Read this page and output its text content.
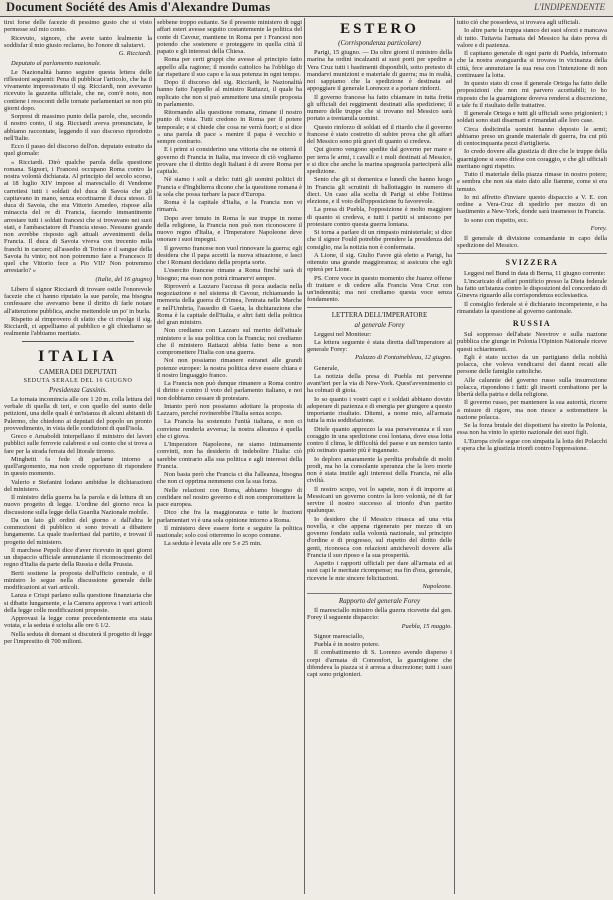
Document Société des Amis d'Alexandre Dumas	L'INDIPENDENTE

tirsi forse delle facezie di pessimo gusto che si visto permesse sul mio conto.

Ricevuto, signore, che avete tanto lealmente la soddisfar il mio giusto reclamo, ho l'onore di salutarvi.

G. Ricciardi.

Deputato al parlamento nazionale.

Le Nazionalità hanno seguire questa lettera delle riflessioni seguenti: Pena di pubblicar l'articolo, che ha il vivamente impressionato il sig. Ricciardi, non avevamo ricevuto la gazzetta ufficiale, che ne, com'è noto, non contiene i resoconti delle tornate parlamentari se non più giorni dopo.

Sorpresi di massimo punto della parole, che, secondo il nostro conto, il sig. Ricciardi aveva pronunciate, le abbiamo raccontate, leggendo il suo discorso riprodotto nell'Italie.

Ecco il passo del discorso dell'on. deputato estratto da quel giornale:

« Ricciardi. Dirò qualche parola della questione romana. Signori, i Francesi occupano Roma contro la nostra volontà dichiarata. Al principio del secolo scorso, ai 18 luglio XIV impose al maresciallo di Vendome carrettesi tutti i soldati del duca di Savoia che gli capitavano in mano, senza eccettuarne il duca stesso. Il duca di Savoia, che era Vittorio Amedeo, rispose alla minaccia del re di Francia, facendo immantinente arrestare tutti i soldati francesi che si trovavano nei suoi stati, e l'ambasciatore di Francia stesso. Nessuno grande non avrebbe risposto agli attuali avvenimenti della Francia. Il duca di Savoia viveva con trecento mila franchi in carcere; all'assedio di Torino e il sangue della Savoia fu vinto; noi non potremmo fare a Francesco II quel che Vittorio fece a Pio VII? Non potremmo arrestarlo? »

(Italie, del 16 giugno)

Libero il signor Ricciardi di trovare ostile l'onorevole facezie che ci hanno riputato la sue parole, ma bisogna confessare che avevamo bene il diritto di farle notare all'attenzione pubblica, anche mettendole un po' in burla.

Rispetto al rimprovero di sfatto che ci rivolge il sig. Ricciardi, ci appelliamo al pubblico e gli chiediamo se realmente l'abbiamo meritato.

ITALIA
CAMERA DEI DEPUTATI
SEDUTA SERALE DEL 16 GIUGNO
Presidenza Cassinis.

La tornata incomincia alle ore 1 20 m. colla lettura del verbale di quella di ieri, e con quello del sunto delle petizioni, una delle quali è un'istanza di alcuni abitanti di Palermo, che chiedono ai deputati del popolo un pronto provvedimento, in vista delle condizioni di quell'isola.

Greco e Arnaboldi interpellano il ministro dei lavori pubblici sulle ferrovie calabresi e sul conto che si trova a fare per la strada ferrata del litorale tirreno.

Minghetti fa fede di parlarne intorno a quell'argomento, ma non crede opportuno di rispondere in questo momento.

Valerio e Stefanini lodano ambidue le dichiarazioni del ministero.

Il ministro della guerra ha la parola e dà lettura di un nuovo progetto di legge. L'ordine del giorno reca la discussione sulla legge della Guardia Nazionale mobile.

Da un lato gli ordini del giorno e dall'altra le commozioni di pubblico si sono trovati a dibattere lungamente. La quale trasferitasi dal partito, e trovasi il progetto del ministero.

Il marchese Pepoli dice d'aver ricevuto in quei giorni un dispaccio ufficiale annunziante il riconoscimento del regno d'Italia da parte della Russia e della Prussia.

Berti sostiene la proposta dell'ufficio centrale, e il ministro lo segue nella discussione generale delle modificazioni ai vari articoli.

Lanza e Crispi parlano sulla questione finanziaria che si dibatte lungamente, e la Camera approva i vari articoli della legge colle modificazioni proposte.

Approvasi la legge come precedentemente era stata votata, e la seduta è sciolta alle ore 6 1/2.

Nella seduta di domani si discuterà il progetto di legge per l'imprestito di 700 milioni.

sebbene troppo esitante. Se il presente ministero di oggi affari esteri avesse seguito costantemente la politica del conte di Cavour, mantiene in Roma per i Francesi non potendo che sostenere e proteggere in quella città il papato e gli interessi della Chiesa.

Roma per certi gruppi che avesse al principio fatto appello alla ragione; il mondo cattolico ha l'obbligo di far rispettare il suo capo e la sua potenza in ogni tempo.

Dopo il discorso del sig. Ricciardi, le Nazionalità hanno fatto l'appello al ministro Rattazzi, il quale ha replicato che non si può ammettere una simile proposta in parlamento.

Ritornando alla questione romana, rimane il nostro punto di vista. Tutti credono in Roma per il potere temporale; e si chiede che cosa ne verrà fuori; e si dice « una parola di pace » mentre il papa è vecchio e sempre contrario.

E i primi si considerino una vittoria che ne otterrà il governo di Francia in Italia, ma invece di ciò vogliamo provare che il diritto degli Italiani è di avere Roma per capitale.

Nè siamo i soli a dirlo: tutti gli uomini politici di Francia e d'Inghilterra dicono che la questione romana è la sola che possa turbare la pace d'Europa.

Roma è la capitale d'Italia, e la Francia non vi rimarrà.

Dopo aver tenuto in Roma le sue truppe in nome della religione, la Francia non può non riconoscere il nuovo regno d'Italia, e l'Imperatore Napoleone deve onorare i suoi impegni.

Il governo francese non vuol rinnovare la guerra; egli desidera che il papa accetti la nuova situazione, e lasci che i Romani decidano della propria sorte.

L'esercito francese rimane a Roma finché sarà di bisogno; ma esso non potrà rimanervi sempre.

Riproverò a Lazzaro l'accusa di poca audacia nella negoziazione e nel sistema di Cavour, richiamando la memoria della guerra di Crimea, l'entrata nelle Marche e nell'Umbria, l'assedio di Gaeta, la dichiarazione che Roma è la capitale dell'Italia, e altri fatti della politica del gran ministro.

Non crediamo con Lazzaro sul merito dell'attuale ministero e la sua politica con la Francia; noi crediamo che il ministero Rattazzi abbia fatto bene a non compromettere l'Italia con una guerra.

Noi non possiamo rimanere estranei alle grandi potenze europee: la nostra politica deve essere chiara e il nostro linguaggio franco.

La Francia non può dunque rimanere a Roma contro il diritto e contro il voto del parlamento italiano, e noi non dobbiamo cessare di protestare.

Intanto però non possiamo adottare la proposta di Lazzaro, perché rovinerebbe l'Italia senza scopo.

La Francia ha sostenuto l'unità italiana, e non ci conviene renderla avversa; la nostra alleanza è quella che ci giova.

L'Imperatore Napoleone, ne siamo intimamente convinti, non ha desiderio di indebolire l'Italia: ciò sarebbe contrario alla sua politica e agli interessi della Francia.

Non basta però che Francia ci dia l'alleanza, bisogna che non ci opprima nemmeno con la sua forza.

Nelle relazioni con Roma, abbiamo bisogno di confidare nel nostro governo e di non compromettere la pace europea.

Dico che fra la maggioranza e tutte le frazioni parlamentari vi è una sola opinione intorno a Roma.

Il ministero deve essere forte e seguire la politica nazionale; solo così otterremo lo scopo comune.

La seduta è levata alle ore 5 e 25 min.

ESTERO
(Corrispondenza particolare)

Parigi, 15 giugno. — Da oltre giorni il ministro della marina ha ordini incalzanti ai suoi porti per spedire a Vera Cruz tutti i bastimenti disponibili, sotto pretesto di mandarvi munizioni e materiale di guerra; ma in realtà, noi sappiamo che la spedizione è destinata ad appoggiare il generale Lorencez e a portare rinforzi.

Il governo francese ha fatto chiamare in tutta fretta gli ufficiali dei reggimenti destinati alla spedizione; il numero delle truppe che si trovano nel Messico sarà portato a trentamila uomini.

Questo rinforzo di soldati ed il ritardo che il governo francese è stato costretto di subire prova che gli affari del Messico sono più gravi di quanto si credeva.

Qui giorno vengono spedite dal governo per mare e per terra le armi, i cavalli e i muli destinati al Messico, e si dice che anche la marina spagnuola parteciperà alla spedizione.

Sento che gli si domenica e lunedì che hanno luogo in Francia gli scrutinii di ballottaggio in numero di dieci. Un caso alla scelta di Parigi si ebbe l'ottima elezione, e il voto dell'opposizione fu favorevole.

La presa di Puebla, l'opposizione è molto maggiore di quanto si credeva, e tutti i partiti si uniscono per protestare contro questa guerra lontana.

Si torna a parlare di un rimpasto ministeriale; si dice che il signor Fould potrebbe prendere la presidenza del consiglio, ma la notizia non è confermata.

A Lione, il sig. Giulio Favre già eletto a Parigi, ha ottenuto una grande maggioranza; si assicura che egli opterà per Lione.

PS. Corre voce in questo momento che Juarez offerse di trattare e di cedere alla Francia Vera Cruz con un'indennità; ma noi crediamo questa voce senza fondamento.

LETTERA DELL'IMPERATORE
al generale Forey

Leggesi nel Moniteur:

La lettera seguente è stata diretta dall'imperatore al generale Forey:

Palazzo di Fontainebleau, 12 giugno.

Generale,

La notizia della presa di Puebla mi pervenne avant'ieri per la via di New-York. Quest'avvenimento ci ha colmati di gioia.

Io so quanto i vostri capi e i soldati abbiano dovuto adoperare di pazienza e di energia per giungere a questo importante risultato. Ditemi, a nome mio, all'armata tutta la mia soddisfazione.

Ditele quanto apprezzo la sua perseveranza e il suo coraggio in una spedizione così lontana, dove essa lotta contro il clima, le difficoltà del paese e un nemico tanto più ostinato quanto più è ingannato.

Io deploro amaramente la perdita probabile di molti prodi, ma ho la consolante speranza che la loro morte non è stata inutile agli interessi della Francia, né alla civiltà.

Il nostro scopo, voi lo sapete, non è di imporre ai Messicani un governo contro la loro volontà, né di far servire il nostro successo al trionfo d'un partito qualunque.

Io desidero che il Messico rinasca ad una vita novella, e che appena rigenerato per mezzo di un governo fondato sulla volontà nazionale, sul principio d'ordine e di progresso, sul rispetto del diritto delle genti, riconosca con relazioni amichevoli dovere alla Francia il suo riposo e la sua prosperità.

Aspetto i rapporti ufficiali per dare all'armata ed ai suoi capi le meritate ricompense; ma fin d'ora, generale, ricevete le mie sincere felicitazioni.

Napoleone.
Rapporto del generale Forey

Il maresciallo ministro della guerra ricevette dal gen. Forey il seguente dispaccio:

Puebla, 15 maggio.

Signor maresciallo,

Puebla è in nostro potere.

Il combattimento di S. Lorenzo avendo disperso i corpi d'armata di Comonfort, la guarnigione che difendeva la piazza si è arresa a discrezione; tutti i suoi capi sono prigionieri.

tutto ciò che possedeva, si trovava agli ufficiali.

Io altre parte la truppa stanco dei suoi sforzi e mancava di tutto. Tuttavia l'armata del Messico ha dato prova di valore e di pazienza.

Il capitano generale di ogni parte di Puebla, informato che la nostra avanguardia si trovava in vicinanza della città, fece annunziare la sua resa con l'intenzione di non continuare la lotta.

In questo stato di cose il generale Ortega ha fatto delle proposizioni che non mi parvero accettabili; io ho risposto che la guarnigione doveva rendersi a discrezione, e tale fu il risultato delle trattative.

Il generale Ortega e tutti gli ufficiali sono prigionieri; i soldati sono stati disarmati e rimandati alle loro case.

Circa dodicimila uomini hanno deposto le armi; abbiamo preso un grande materiale di guerra, fra cui più di centocinquanta pezzi d'artiglieria.

Io credo dovere alla giustizia di dire che le truppe della guarnigione si sono difese con coraggio, e che gli ufficiali meritano ogni rispetto.

Tutto il materiale della piazza rimase in nostro potere; e sembra che non sia stato dato alle fiamme, come si era temuto.

Io mi affretto d'inviare questo dispaccio a V. E. con ordine a Vera-Cruz di spedirlo per mezzo di un bastimento a New-York, donde sarà trasmesso in Francia.

Io sono con rispetto, ecc.

Forey.

Il generale di divisione comandante in capo della spedizione del Messico.

SVIZZERA

Leggesi nel Bund in data di Berna, 11 giugno corrente:

L'incaricato di affari pontificio presso la Dieta federale ha fatto un'istanza contro le disposizioni del concordato di Ginevra riguardo alla corrispondenza ecclesiastica.

Il consiglio federale si è dichiarato incompetente, e ha rimandato la questione al governo cantonale.

RUSSIA

Sul soppresso dell'abate Nesvtrov e sulla nazione pubblica che giunge in Polonia l'Opinion Nationale riceve questi schiarimenti.

Egli è stato ucciso da un partigiano della nobiltà polacca, che voleva vendicarsi dei danni recati alle persone delle famiglie cattoliche.

Alle calunnie del governo russo sulla insurrezione polacca, rispondono i fatti: gli insorti combattono per la libertà della patria e della religione.

Il governo russo, per mantenere la sua autorità, ricorre a misure di rigore, ma non riesce a sottomettere la nazione polacca.

Se la forza brutale dei dispotismi ha stretto la Polonia, essa non ha vinto lo spirito nazionale dei suoi figli.

L'Europa civile segue con simpatia la lotta dei Polacchi e spera che la giustizia trionfi contro l'oppressione.
